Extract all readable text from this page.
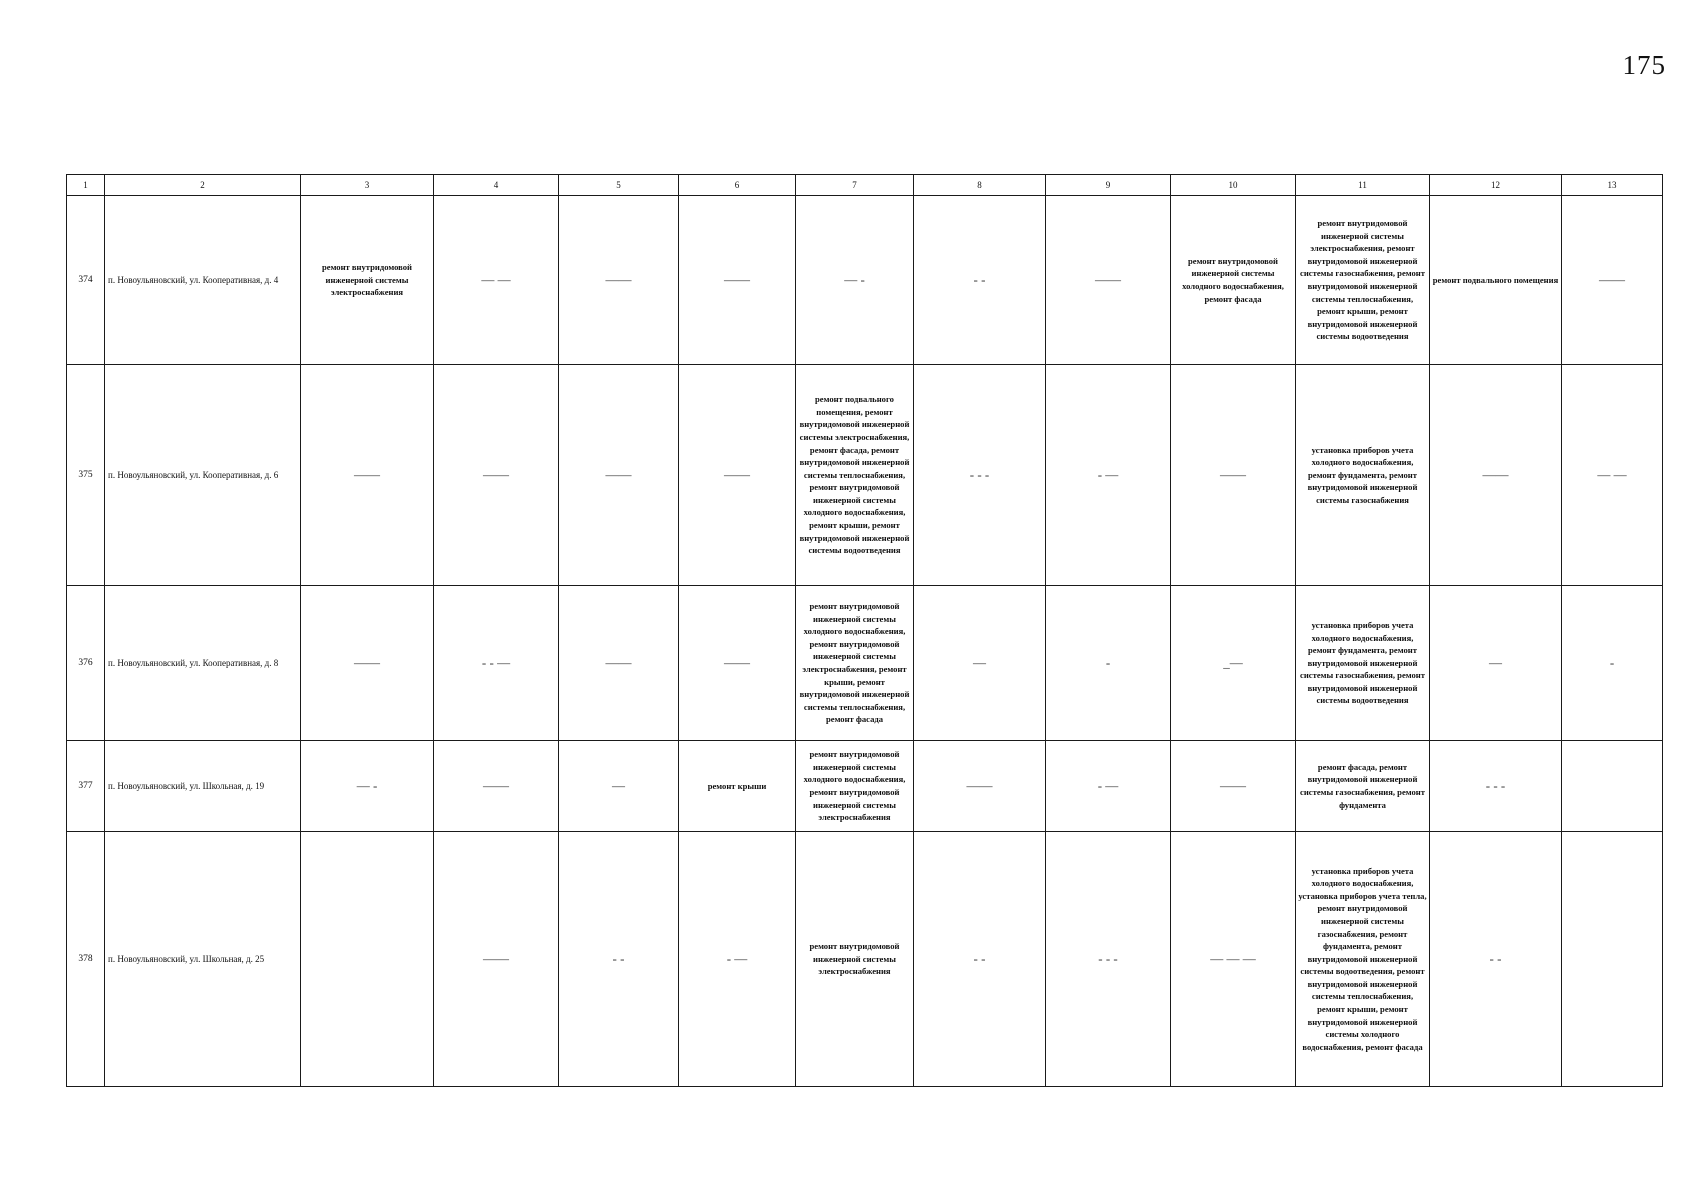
175
1	2	3	4	5	6	7	8	9	10	11	12	13
374	п. Новоульяновский, ул. Кооперативная, д. 4	ремонт внутридомовой инженерной системы электроснабжения	— —	——	——	— -	- -	——	ремонт внутридомовой инженерной системы холодного водоснабжения, ремонт фасада	ремонт внутридомовой инженерной системы электроснабжения, ремонт внутридомовой инженерной системы газоснабжения, ремонт внутридомовой инженерной системы теплоснабжения, ремонт крыши, ремонт внутридомовой инженерной системы водоотведения	ремонт подвального помещения	——
375	п. Новоульяновский, ул. Кооперативная, д. 6	——	——	——	——	ремонт подвального помещения, ремонт внутридомовой инженерной системы электроснабжения, ремонт фасада, ремонт внутридомовой инженерной системы теплоснабжения, ремонт внутридомовой инженерной системы холодного водоснабжения, ремонт крыши, ремонт внутридомовой инженерной системы водоотведения	- - -	- —	——	установка приборов учета холодного водоснабжения, ремонт фундамента, ремонт внутридомовой инженерной системы газоснабжения	——	— —
376	п. Новоульяновский, ул. Кооперативная, д. 8	——	- - —	——	——	ремонт внутридомовой инженерной системы холодного водоснабжения, ремонт внутридомовой инженерной системы электроснабжения, ремонт крыши, ремонт внутридомовой инженерной системы теплоснабжения, ремонт фасада	—	-	_—	установка приборов учета холодного водоснабжения, ремонт фундамента, ремонт внутридомовой инженерной системы газоснабжения, ремонт внутридомовой инженерной системы водоотведения	—	-
377	п. Новоульяновский, ул. Школьная, д. 19	— -	——	—	ремонт крыши	ремонт внутридомовой инженерной системы холодного водоснабжения, ремонт внутридомовой инженерной системы электроснабжения	——	- —	——	ремонт фасада, ремонт внутридомовой инженерной системы газоснабжения, ремонт фундамента	- - -	
378	п. Новоульяновский, ул. Школьная, д. 25		——	- -	- —	ремонт внутридомовой инженерной системы электроснабжения	- -	- - -	— — —	установка приборов учета холодного водоснабжения, установка приборов учета тепла, ремонт внутридомовой инженерной системы газоснабжения, ремонт фундамента, ремонт внутридомовой инженерной системы водоотведения, ремонт внутридомовой инженерной системы теплоснабжения, ремонт крыши, ремонт внутридомовой инженерной системы холодного водоснабжения, ремонт фасада	- -	
